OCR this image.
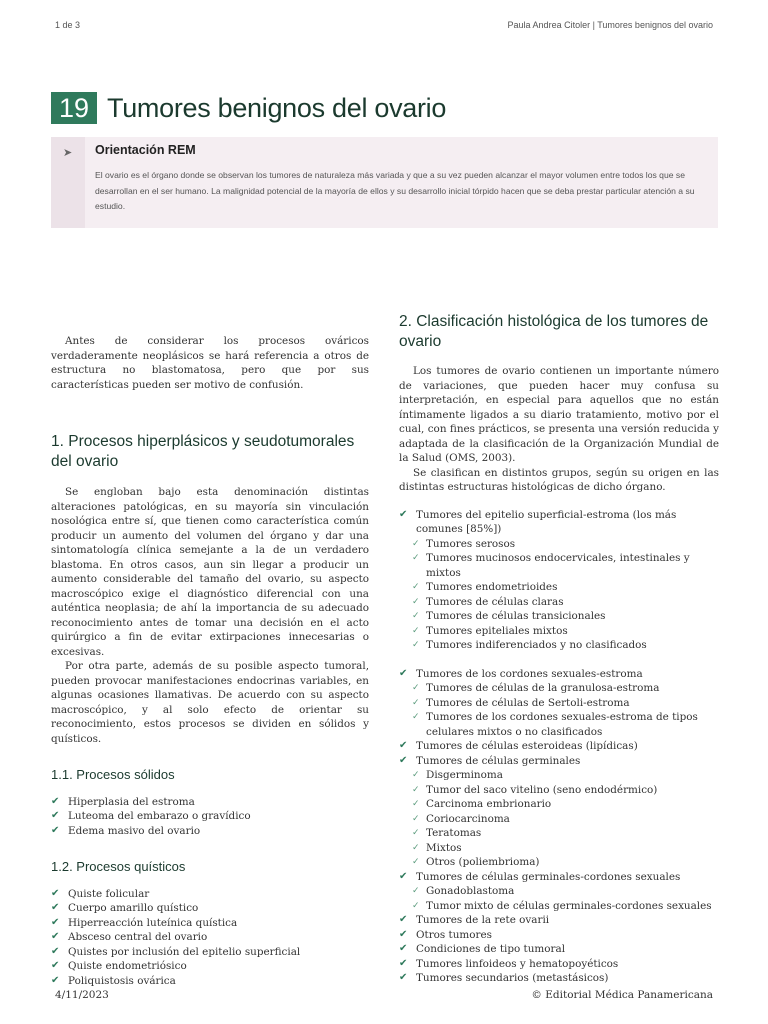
1 de 3	Paula Andrea Citoler | Tumores benignos del ovario
19 Tumores benignos del ovario
➤ Orientación REM
El ovario es el órgano donde se observan los tumores de naturaleza más variada y que a su vez pueden alcanzar el mayor volumen entre todos los que se desarrollan en el ser humano. La malignidad potencial de la mayoría de ellos y su desarrollo inicial tórpido hacen que se deba prestar particular atención a su estudio.

Antes de considerar los procesos ováricos verdaderamente neoplásicos se hará referencia a otros de estructura no blastomatosa, pero que por sus características pueden ser motivo de confusión.

1. Procesos hiperplásicos y seudotumorales del ovario

Se engloban bajo esta denominación distintas alteraciones patológicas, en su mayoría sin vinculación nosológica entre sí, que tienen como característica común producir un aumento del volumen del órgano y dar una sintomatología clínica semejante a la de un verdadero blastoma. En otros casos, aun sin llegar a producir un aumento considerable del tamaño del ovario, su aspecto macroscópico exige el diagnóstico diferencial con una auténtica neoplasia; de ahí la importancia de su adecuado reconocimiento antes de tomar una decisión en el acto quirúrgico a fin de evitar extirpaciones innecesarias o excesivas.

Por otra parte, además de su posible aspecto tumoral, pueden provocar manifestaciones endocrinas variables, en algunas ocasiones llamativas. De acuerdo con su aspecto macroscópico, y al solo efecto de orientar su reconocimiento, estos procesos se dividen en sólidos y quísticos.

1.1. Procesos sólidos
✔ Hiperplasia del estroma
✔ Luteoma del embarazo o gravídico
✔ Edema masivo del ovario
1.2. Procesos quísticos
✔ Quiste folicular
✔ Cuerpo amarillo quístico
✔ Hiperreacción luteínica quística
✔ Absceso central del ovario
✔ Quistes por inclusión del epitelio superficial
✔ Quiste endometriósico
✔ Poliquistosis ovárica
2. Clasificación histológica de los tumores de ovario

Los tumores de ovario contienen un importante número de variaciones, que pueden hacer muy confusa su interpretación, en especial para aquellos que no están íntimamente ligados a su diario tratamiento, motivo por el cual, con fines prácticos, se presenta una versión reducida y adaptada de la clasificación de la Organización Mundial de la Salud (OMS, 2003).

Se clasifican en distintos grupos, según su origen en las distintas estructuras histológicas de dicho órgano.

✔ Tumores del epitelio superficial-estroma (los más comunes [85%])
✓ Tumores serosos
✓ Tumores mucinosos endocervicales, intestinales y mixtos
✓ Tumores endometrioides
✓ Tumores de células claras
✓ Tumores de células transicionales
✓ Tumores epiteliales mixtos
✓ Tumores indiferenciados y no clasificados
✔ Tumores de los cordones sexuales-estroma
✓ Tumores de células de la granulosa-estroma
✓ Tumores de células de Sertoli-estroma
✓ Tumores de los cordones sexuales-estroma de tipos celulares mixtos o no clasificados
✔ Tumores de células esteroideas (lipídicas)
✔ Tumores de células germinales
✓ Disgerminoma
✓ Tumor del saco vitelino (seno endodérmico)
✓ Carcinoma embrionario
✓ Coriocarcinoma
✓ Teratomas
✓ Mixtos
✓ Otros (poliembrioma)
✔ Tumores de células germinales-cordones sexuales
✓ Gonadoblastoma
✓ Tumor mixto de células germinales-cordones sexuales
✔ Tumores de la rete ovarii
✔ Otros tumores
✔ Condiciones de tipo tumoral
✔ Tumores linfoideos y hematopoyéticos
✔ Tumores secundarios (metastásicos)
4/11/2023	© Editorial Médica Panamericana
